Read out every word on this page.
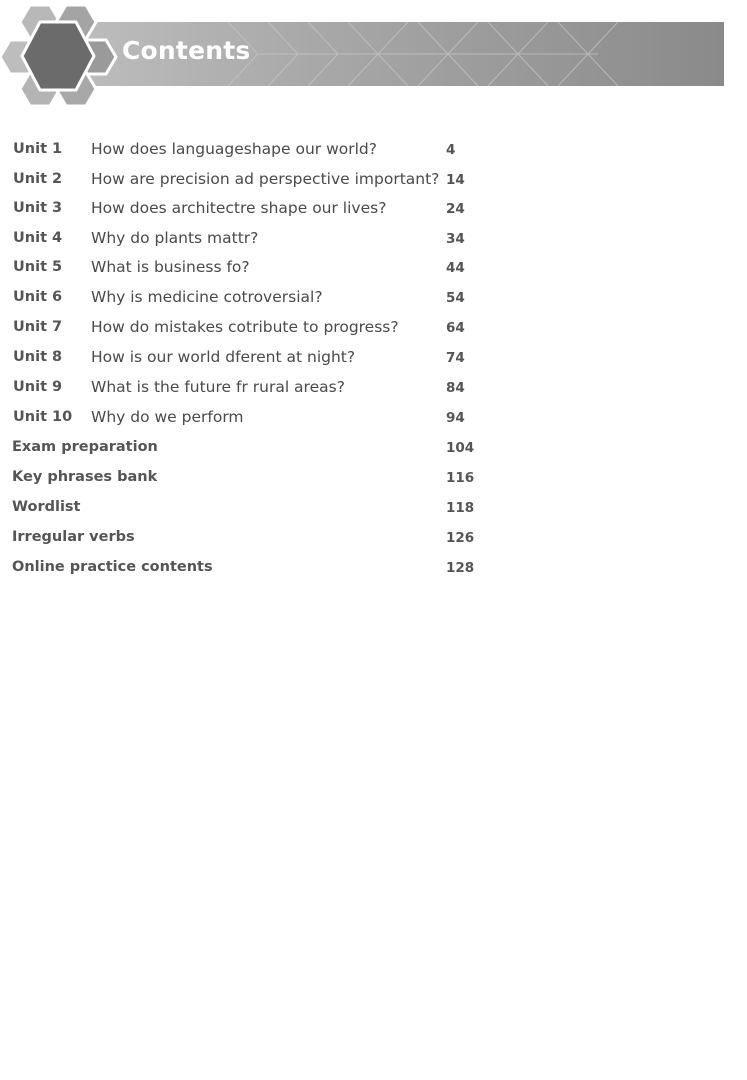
Contents
Unit 1 How does languageshape our world?	4
Unit 2 How are precision ad perspective important? 14
Unit 3 How does architectre shape our lives?	24
Unit 4 Why do plants mattr?	34
Unit 5 What is business fo?	44
Unit 6 Why is medicine cotroversial?	54
Unit 7 How do mistakes cotribute to progress?	64
Unit 8 How is our world dferent at night?	74
Unit 9 What is the future fr rural areas?	84
Unit 10 Why do we perform	94
Exam preparation	104
Key phrases bank	116
Wordlist	118
Irregular verbs	126
Online practice contents	128
